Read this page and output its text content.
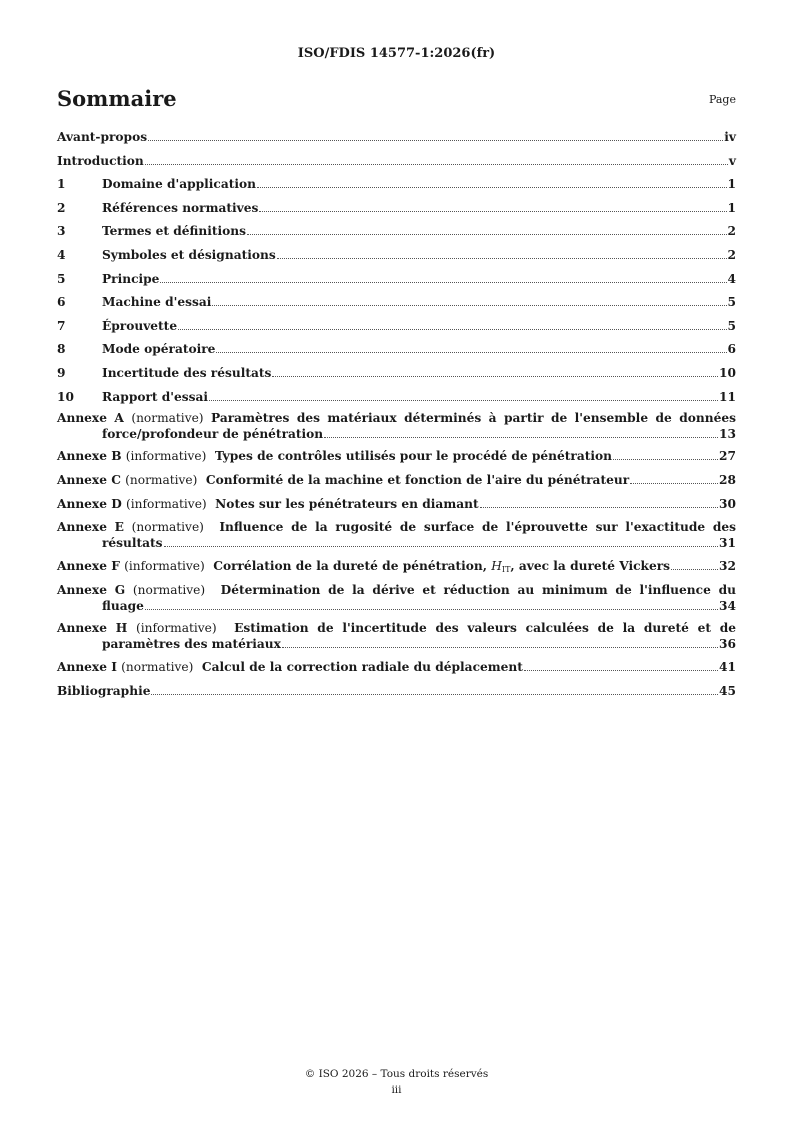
ISO/FDIS 14577-1:2026(fr)
Sommaire	Page
Avant-propos	iv
Introduction	v
1	Domaine d'application	1
2	Références normatives	1
3	Termes et définitions	2
4	Symboles et désignations	2
5	Principe	4
6	Machine d'essai	5
7	Éprouvette	5
8	Mode opératoire	6
9	Incertitude des résultats	10
10	Rapport d'essai	11
Annexe A (normative) Paramètres des matériaux déterminés à partir de l'ensemble de données
force/profondeur de pénétration	13
Annexe B (informative) Types de contrôles utilisés pour le procédé de pénétration	27
Annexe C (normative) Conformité de la machine et fonction de l'aire du pénétrateur	28
Annexe D (informative) Notes sur les pénétrateurs en diamant	30
Annexe E (normative) Influence de la rugosité de surface de l'éprouvette sur l'exactitude des
résultats	31
Annexe F (informative) Corrélation de la dureté de pénétration, $H_{IT}$, avec la dureté Vickers	32
Annexe G (normative) Détermination de la dérive et réduction au minimum de l'influence du
fluage	34
Annexe H (informative) Estimation de l'incertitude des valeurs calculées de la dureté et de
paramètres des matériaux	36
Annexe I (normative) Calcul de la correction radiale du déplacement	41
Bibliographie	45
© ISO 2026 – Tous droits réservés
iii
